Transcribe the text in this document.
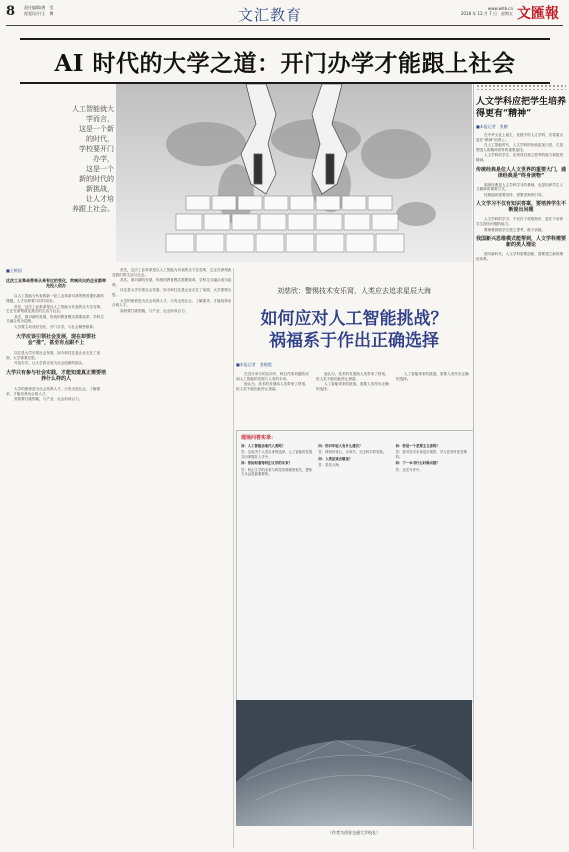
8 责任编辑/唐　莹
视觉设计/王　博	文汇教育	www.whb.cn
2018 年 12 月 7 日　星期五 文匯報
AI 时代的大学之道：开门办学才能跟上社会
人工智能就大
学而言，
这是一个新
的时代，
学校要开门
办学，
这是一个
新的时代的
新挑战，
让人才培
养跟上社会。
■王树国
这次工业革命带来从来有过的变化，吹响风尖的企业都率先投入创办

以人工智能为代表的新一轮工业革命对高等教育提出新的课题。人才培养要与时代同步。

首先，这次工业革命是以人工智能为代表的全方位变革，它正在深刻改变我们的生活与社会。

其次，面对新的发展，传统的教育模式需要改革，学科交叉融合成为趋势。

大学要主动适应变化，开门办学，与社会紧密联系。

大学应该引领社会发展，现在却要社会“推”，甚至有点跟不上

以往是大学引领社会发展，如今却往往是企业走在了前面，大学需要反思。

开放办学，让大学真正成为社会创新的源头。

大学只有参与社会实践，才能知道真正需要培养什么样的人

大学的使命是为社会培养人才，只有走进社会、了解需求，才能培养出合格人才。

高校要打破围墙，与产业、社会形成合力。

首先，这次工业革命是以人工智能为代表的全方位变革，它正在深刻改变我们的生活与社会。

其次，面对新的发展，传统的教育模式需要改革，学科交叉融合成为趋势。

以往是大学引领社会发展，如今却往往是企业走在了前面，大学需要反思。

大学的使命是为社会培养人才，只有走进社会、了解需求，才能培养出合格人才。

高校要打破围墙，与产业、社会形成合力。

刘慈欣：警惕技术安乐窝，人类应去追求星辰大海
如何应对人工智能挑战？
祸福系于作出正确选择
■本报记者　金婉霞

在近日举行的活动中，科幻作家刘慈欣谈到人工智能的发展与人类的未来。

他认为，技术的发展给人类带来了舒适，但人类不能因此停止探索。

他认为，技术的发展给人类带来了舒适，但人类不能因此停止探索。

人工智能带来的挑战，需要人类作出正确的选择。

人工智能带来的挑战，需要人类作出正确的选择。

现场问答实录：

问：人工智能会取代人类吗？

答：这取决于人类自身的选择，人工智能的发展方向掌握在人手中。

问：你如何看待科幻文学的未来？

答：科幻文学的未来与科技发展紧密相关，想象力永远是最重要的。

问：你对年轻人有什么建议？

答：保持好奇心，多读书，关注科学的发展。

问：人类应该去哪里？

答：星辰大海。

问：你是一个悲观主义者吗？

答：我对技术本身是乐观的，对人性有时是悲观的。

问：下一本书什么时候出版？

答：还在写作中。

（作者为西安交通大学校长）
人文学科应把学生培养得更有“精神”
■本报记者　张鹏

在中华文化上诞生、发展中的人文学科，应将重点放在“精神”培养上。

在人工智能时代，人文学科的价值更加凸显，它是塑造人的精神世界的重要途径。

人文学科的学生，应该具有独立思考的能力和批判精神。

传统经典是位人人文世界的重要大门，通读经典是“终身读物”

阅读经典是人文学科学习的基础，也是培养学生人文精神的重要方式。

经典阅读需要坚持，需要老师的引导。

人文学习不仅有知识答案，要培养学生不断提出问题

人文学科的学习，不仅在于获取知识，更在于培养学生提出问题的能力。

教师要鼓励学生独立思考，敢于质疑。

我国新兴思维模式能帮到，人文学科需要新的类人理论

面对新时代，人文学科需要创新，需要建立新的理论体系。
